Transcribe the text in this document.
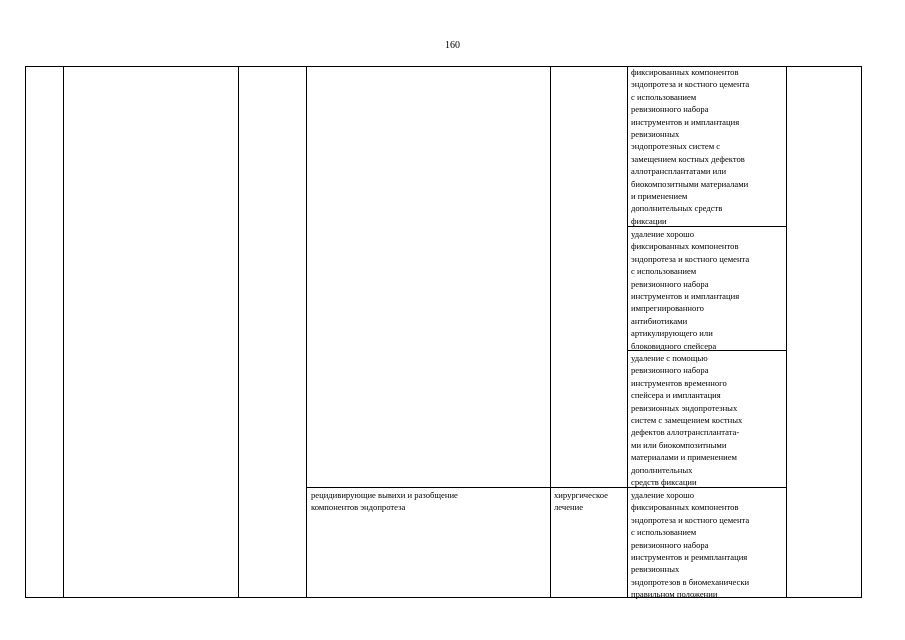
160
фиксированных компонентов
эндопротеза и костного цемента
с использованием
ревизионного набора
инструментов и имплантация
ревизионных
эндопротезных систем с
замещением костных дефектов
аллотрансплантатами или
биокомпозитными материалами
и применением
дополнительных средств
фиксации
удаление хорошо
фиксированных компонентов
эндопротеза и костного цемента
с использованием
ревизионного набора
инструментов и имплантация
импрегнированного
антибиотиками
артикулирующего или
блоковидного спейсера
удаление с помощью
ревизионного набора
инструментов временного
спейсера и имплантация
ревизионных эндопротезных
систем с замещением костных
дефектов аллотрансплантата-
ми или биокомпозитными
материалами и применением
дополнительных
средств фиксации
рецидивирующие вывихи и разобщение
компонентов эндопротеза
хирургическое
лечение
удаление хорошо
фиксированных компонентов
эндопротеза и костного цемента
с использованием
ревизионного набора
инструментов и реимплантация
ревизионных
эндопротезов в биомеханически
правильном положении
